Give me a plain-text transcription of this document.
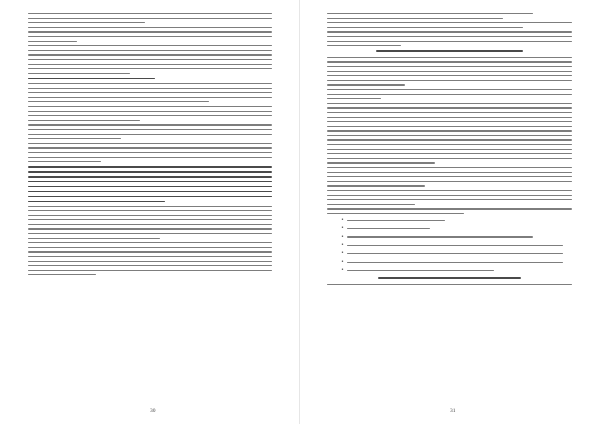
30
•
•
•
•
•
•
•
31
